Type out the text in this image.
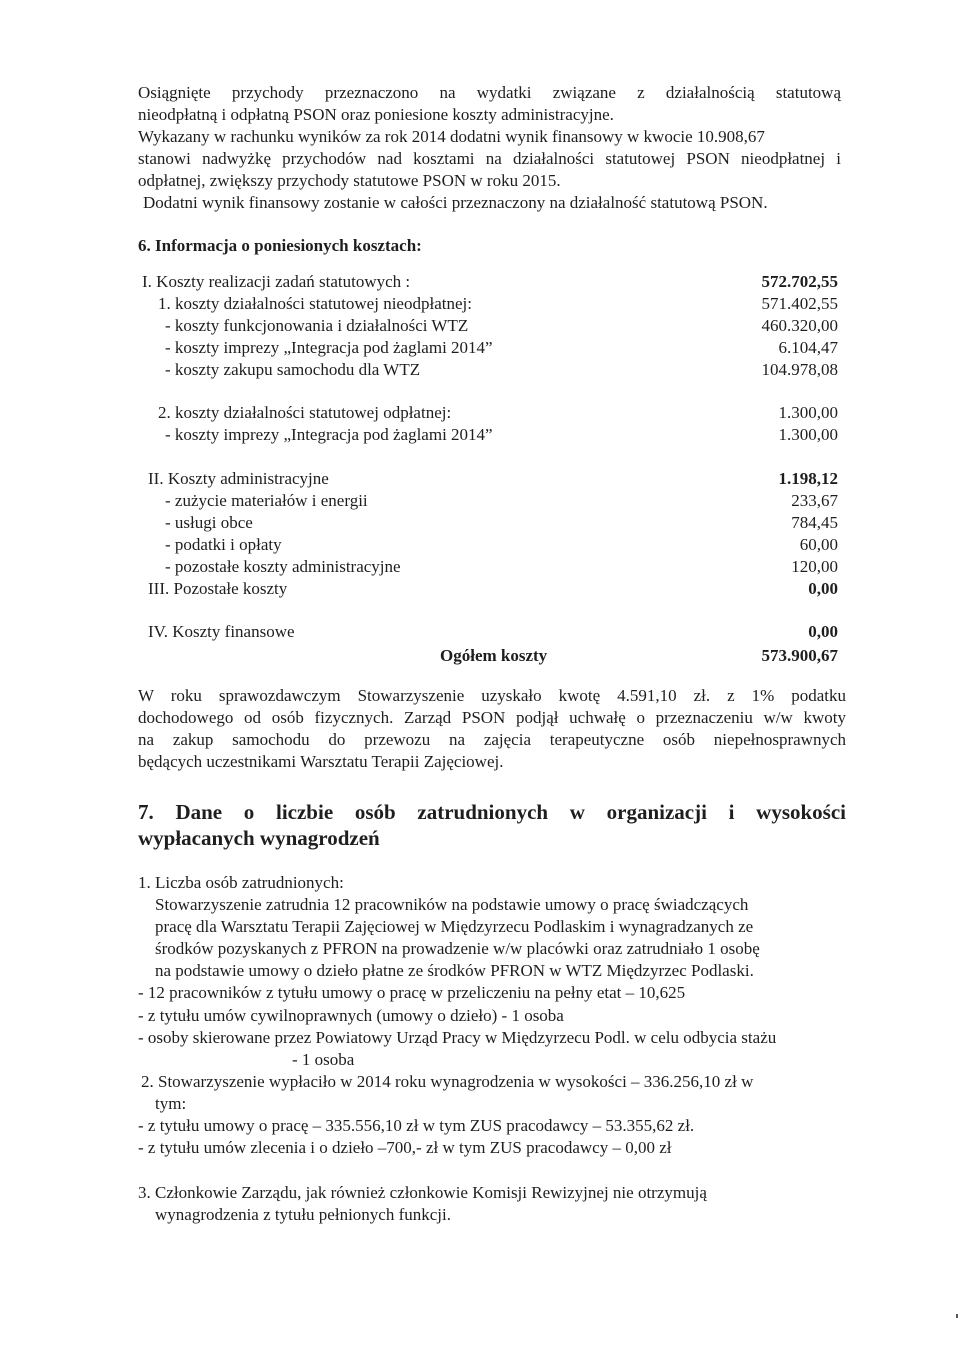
Osiągnięte przychody przeznaczono na wydatki związane z działalnością statutową
nieodpłatną i odpłatną PSON oraz poniesione koszty administracyjne.
Wykazany w rachunku wyników za rok 2014 dodatni wynik finansowy w kwocie 10.908,67
stanowi nadwyżkę przychodów nad kosztami na działalności statutowej PSON nieodpłatnej i
odpłatnej, zwiększy przychody statutowe PSON w roku 2015.
Dodatni wynik finansowy zostanie w całości przeznaczony na działalność statutową PSON.
6. Informacja o poniesionych kosztach:
I. Koszty realizacji zadań statutowych :	572.702,55
1. koszty działalności statutowej nieodpłatnej:	571.402,55
- koszty funkcjonowania i działalności WTZ	460.320,00
- koszty imprezy „Integracja pod żaglami 2014”	6.104,47
- koszty zakupu samochodu dla WTZ	104.978,08
2. koszty działalności statutowej odpłatnej:	1.300,00
- koszty imprezy „Integracja pod żaglami 2014”	1.300,00
II. Koszty administracyjne	1.198,12
- zużycie materiałów i energii	233,67
- usługi obce	784,45
- podatki i opłaty	60,00
- pozostałe koszty administracyjne	120,00
III. Pozostałe koszty	0,00
IV. Koszty finansowe	0,00
Ogółem koszty	573.900,67
W roku sprawozdawczym Stowarzyszenie uzyskało kwotę 4.591,10 zł. z 1% podatku
dochodowego od osób fizycznych. Zarząd PSON podjął uchwałę o przeznaczeniu w/w kwoty
na zakup samochodu do przewozu na zajęcia terapeutyczne osób niepełnosprawnych
będących uczestnikami Warsztatu Terapii Zajęciowej.
7. Dane o liczbie osób zatrudnionych w organizacji i wysokości
wypłacanych wynagrodzeń
1. Liczba osób zatrudnionych:
Stowarzyszenie zatrudnia 12 pracowników na podstawie umowy o pracę świadczących
pracę dla Warsztatu Terapii Zajęciowej w Międzyrzecu Podlaskim i wynagradzanych ze
środków pozyskanych z PFRON na prowadzenie w/w placówki oraz zatrudniało 1 osobę
na podstawie umowy o dzieło płatne ze środków PFRON w WTZ Międzyrzec Podlaski.
- 12 pracowników z tytułu umowy o pracę w przeliczeniu na pełny etat – 10,625
- z tytułu umów cywilnoprawnych (umowy o dzieło) - 1 osoba
- osoby skierowane przez Powiatowy Urząd Pracy w Międzyrzecu Podl. w celu odbycia stażu
- 1 osoba
2. Stowarzyszenie wypłaciło w 2014 roku wynagrodzenia w wysokości – 336.256,10 zł w
tym:
- z tytułu umowy o pracę – 335.556,10 zł w tym ZUS pracodawcy – 53.355,62 zł.
- z tytułu umów zlecenia i o dzieło –700,- zł w tym ZUS pracodawcy – 0,00 zł
3. Członkowie Zarządu, jak również członkowie Komisji Rewizyjnej nie otrzymują
wynagrodzenia z tytułu pełnionych funkcji.
